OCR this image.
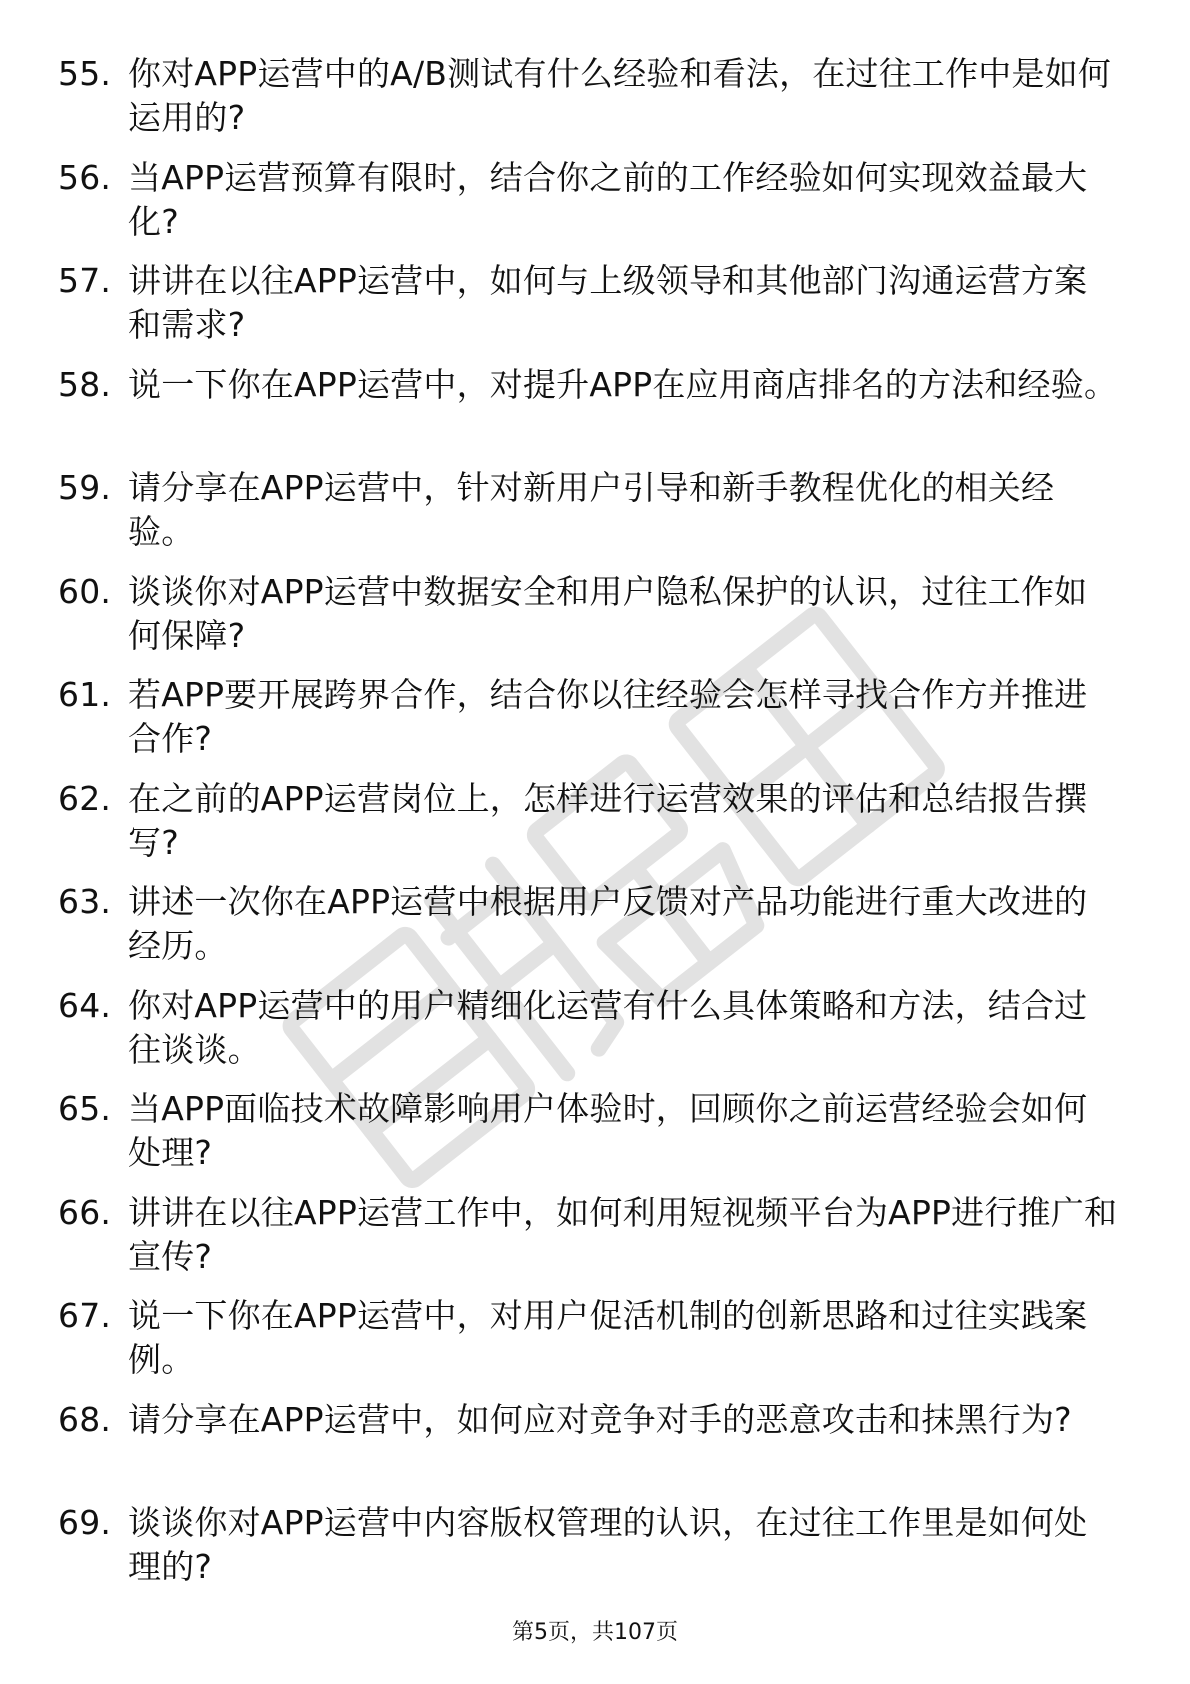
55. 你对APP运营中的A/B测试有什么经验和看法，在过往工作中是如何运用的?
56. 当APP运营预算有限时，结合你之前的工作经验如何实现效益最大化?
57. 讲讲在以往APP运营中，如何与上级领导和其他部门沟通运营方案和需求?
58. 说一下你在APP运营中，对提升APP在应用商店排名的方法和经验。
59. 请分享在APP运营中，针对新用户引导和新手教程优化的相关经验。
60. 谈谈你对APP运营中数据安全和用户隐私保护的认识，过往工作如何保障?
61. 若APP要开展跨界合作，结合你以往经验会怎样寻找合作方并推进合作?
62. 在之前的APP运营岗位上，怎样进行运营效果的评估和总结报告撰写?
63. 讲述一次你在APP运营中根据用户反馈对产品功能进行重大改进的经历。
64. 你对APP运营中的用户精细化运营有什么具体策略和方法，结合过往谈谈。
65. 当APP面临技术故障影响用户体验时，回顾你之前运营经验会如何处理?
66. 讲讲在以往APP运营工作中，如何利用短视频平台为APP进行推广和宣传?
67. 说一下你在APP运营中，对用户促活机制的创新思路和过往实践案例。
68. 请分享在APP运营中，如何应对竞争对手的恶意攻击和抹黑行为?
69. 谈谈你对APP运营中内容版权管理的认识，在过往工作里是如何处理的?
第5页，共107页
